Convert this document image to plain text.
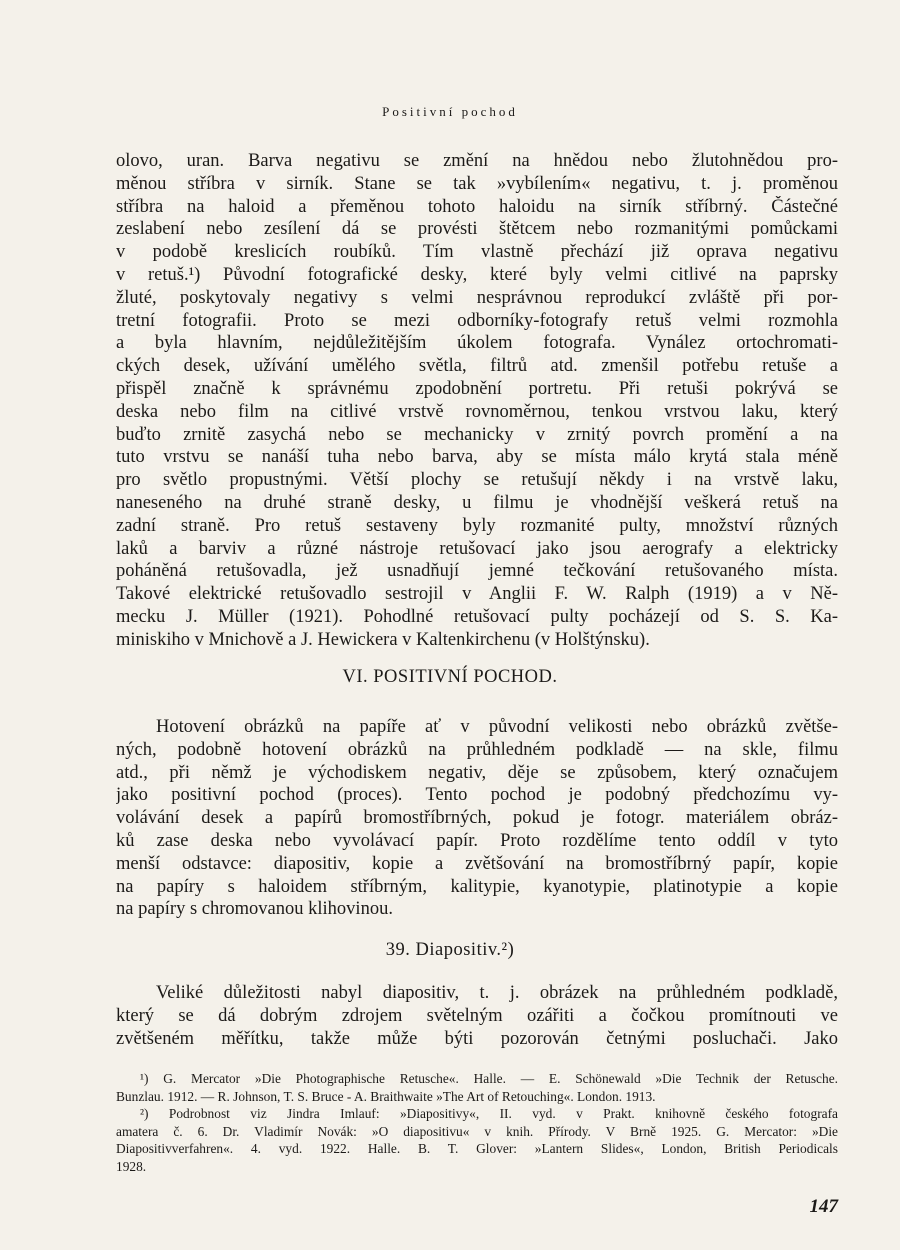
Positivní pochod
olovo, uran. Barva negativu se změní na hnědou nebo žlutohnědou pro-
měnou stříbra v sirník. Stane se tak »vybílením« negativu, t. j. proměnou
stříbra na haloid a přeměnou tohoto haloidu na sirník stříbrný. Částečné
zeslabení nebo zesílení dá se provésti štětcem nebo rozmanitými pomůckami
v podobě kreslicích roubíků. Tím vlastně přechází již oprava negativu
v retuš.¹) Původní fotografické desky, které byly velmi citlivé na paprsky
žluté, poskytovaly negativy s velmi nesprávnou reprodukcí zvláště při por-
tretní fotografii. Proto se mezi odborníky-fotografy retuš velmi rozmohla
a byla hlavním, nejdůležitějším úkolem fotografa. Vynález ortochromati-
ckých desek, užívání umělého světla, filtrů atd. zmenšil potřebu retuše a
přispěl značně k správnému zpodobnění portretu. Při retuši pokrývá se
deska nebo film na citlivé vrstvě rovnoměrnou, tenkou vrstvou laku, který
buďto zrnitě zasychá nebo se mechanicky v zrnitý povrch promění a na
tuto vrstvu se nanáší tuha nebo barva, aby se místa málo krytá stala méně
pro světlo propustnými. Větší plochy se retušují někdy i na vrstvě laku,
naneseného na druhé straně desky, u filmu je vhodnější veškerá retuš na
zadní straně. Pro retuš sestaveny byly rozmanité pulty, množství různých
laků a barviv a různé nástroje retušovací jako jsou aerografy a elektricky
poháněná retušovadla, jež usnadňují jemné tečkování retušovaného místa.
Takové elektrické retušovadlo sestrojil v Anglii F. W. Ralph (1919) a v Ně-
mecku J. Müller (1921). Pohodlné retušovací pulty pocházejí od S. S. Ka-
miniskiho v Mnichově a J. Hewickera v Kaltenkirchenu (v Holštýnsku).
VI. POSITIVNÍ POCHOD.
Hotovení obrázků na papíře ať v původní velikosti nebo obrázků zvětše-
ných, podobně hotovení obrázků na průhledném podkladě — na skle, filmu
atd., při němž je východiskem negativ, děje se způsobem, který označujem
jako positivní pochod (proces). Tento pochod je podobný předchozímu vy-
volávání desek a papírů bromostříbrných, pokud je fotogr. materiálem obráz-
ků zase deska nebo vyvolávací papír. Proto rozdělíme tento oddíl v tyto
menší odstavce: diapositiv, kopie a zvětšování na bromostříbrný papír, kopie
na papíry s haloidem stříbrným, kalitypie, kyanotypie, platinotypie a kopie
na papíry s chromovanou klihovinou.
39. Diapositiv.²)
Veliké důležitosti nabyl diapositiv, t. j. obrázek na průhledném podkladě,
který se dá dobrým zdrojem světelným ozářiti a čočkou promítnouti ve
zvětšeném měřítku, takže může býti pozorován četnými posluchači. Jako
¹) G. Mercator »Die Photographische Retusche«. Halle. — E. Schönewald »Die Technik der Retusche.
Bunzlau. 1912. — R. Johnson, T. S. Bruce - A. Braithwaite »The Art of Retouching«. London. 1913.
²) Podrobnost viz Jindra Imlauf: »Diapositivy«, II. vyd. v Prakt. knihovně českého fotografa
amatera č. 6. Dr. Vladimír Novák: »O diapositivu« v knih. Přírody. V Brně 1925. G. Mercator: »Die
Diapositivverfahren«. 4. vyd. 1922. Halle. B. T. Glover: »Lantern Slides«, London, British Periodicals
1928.
147
